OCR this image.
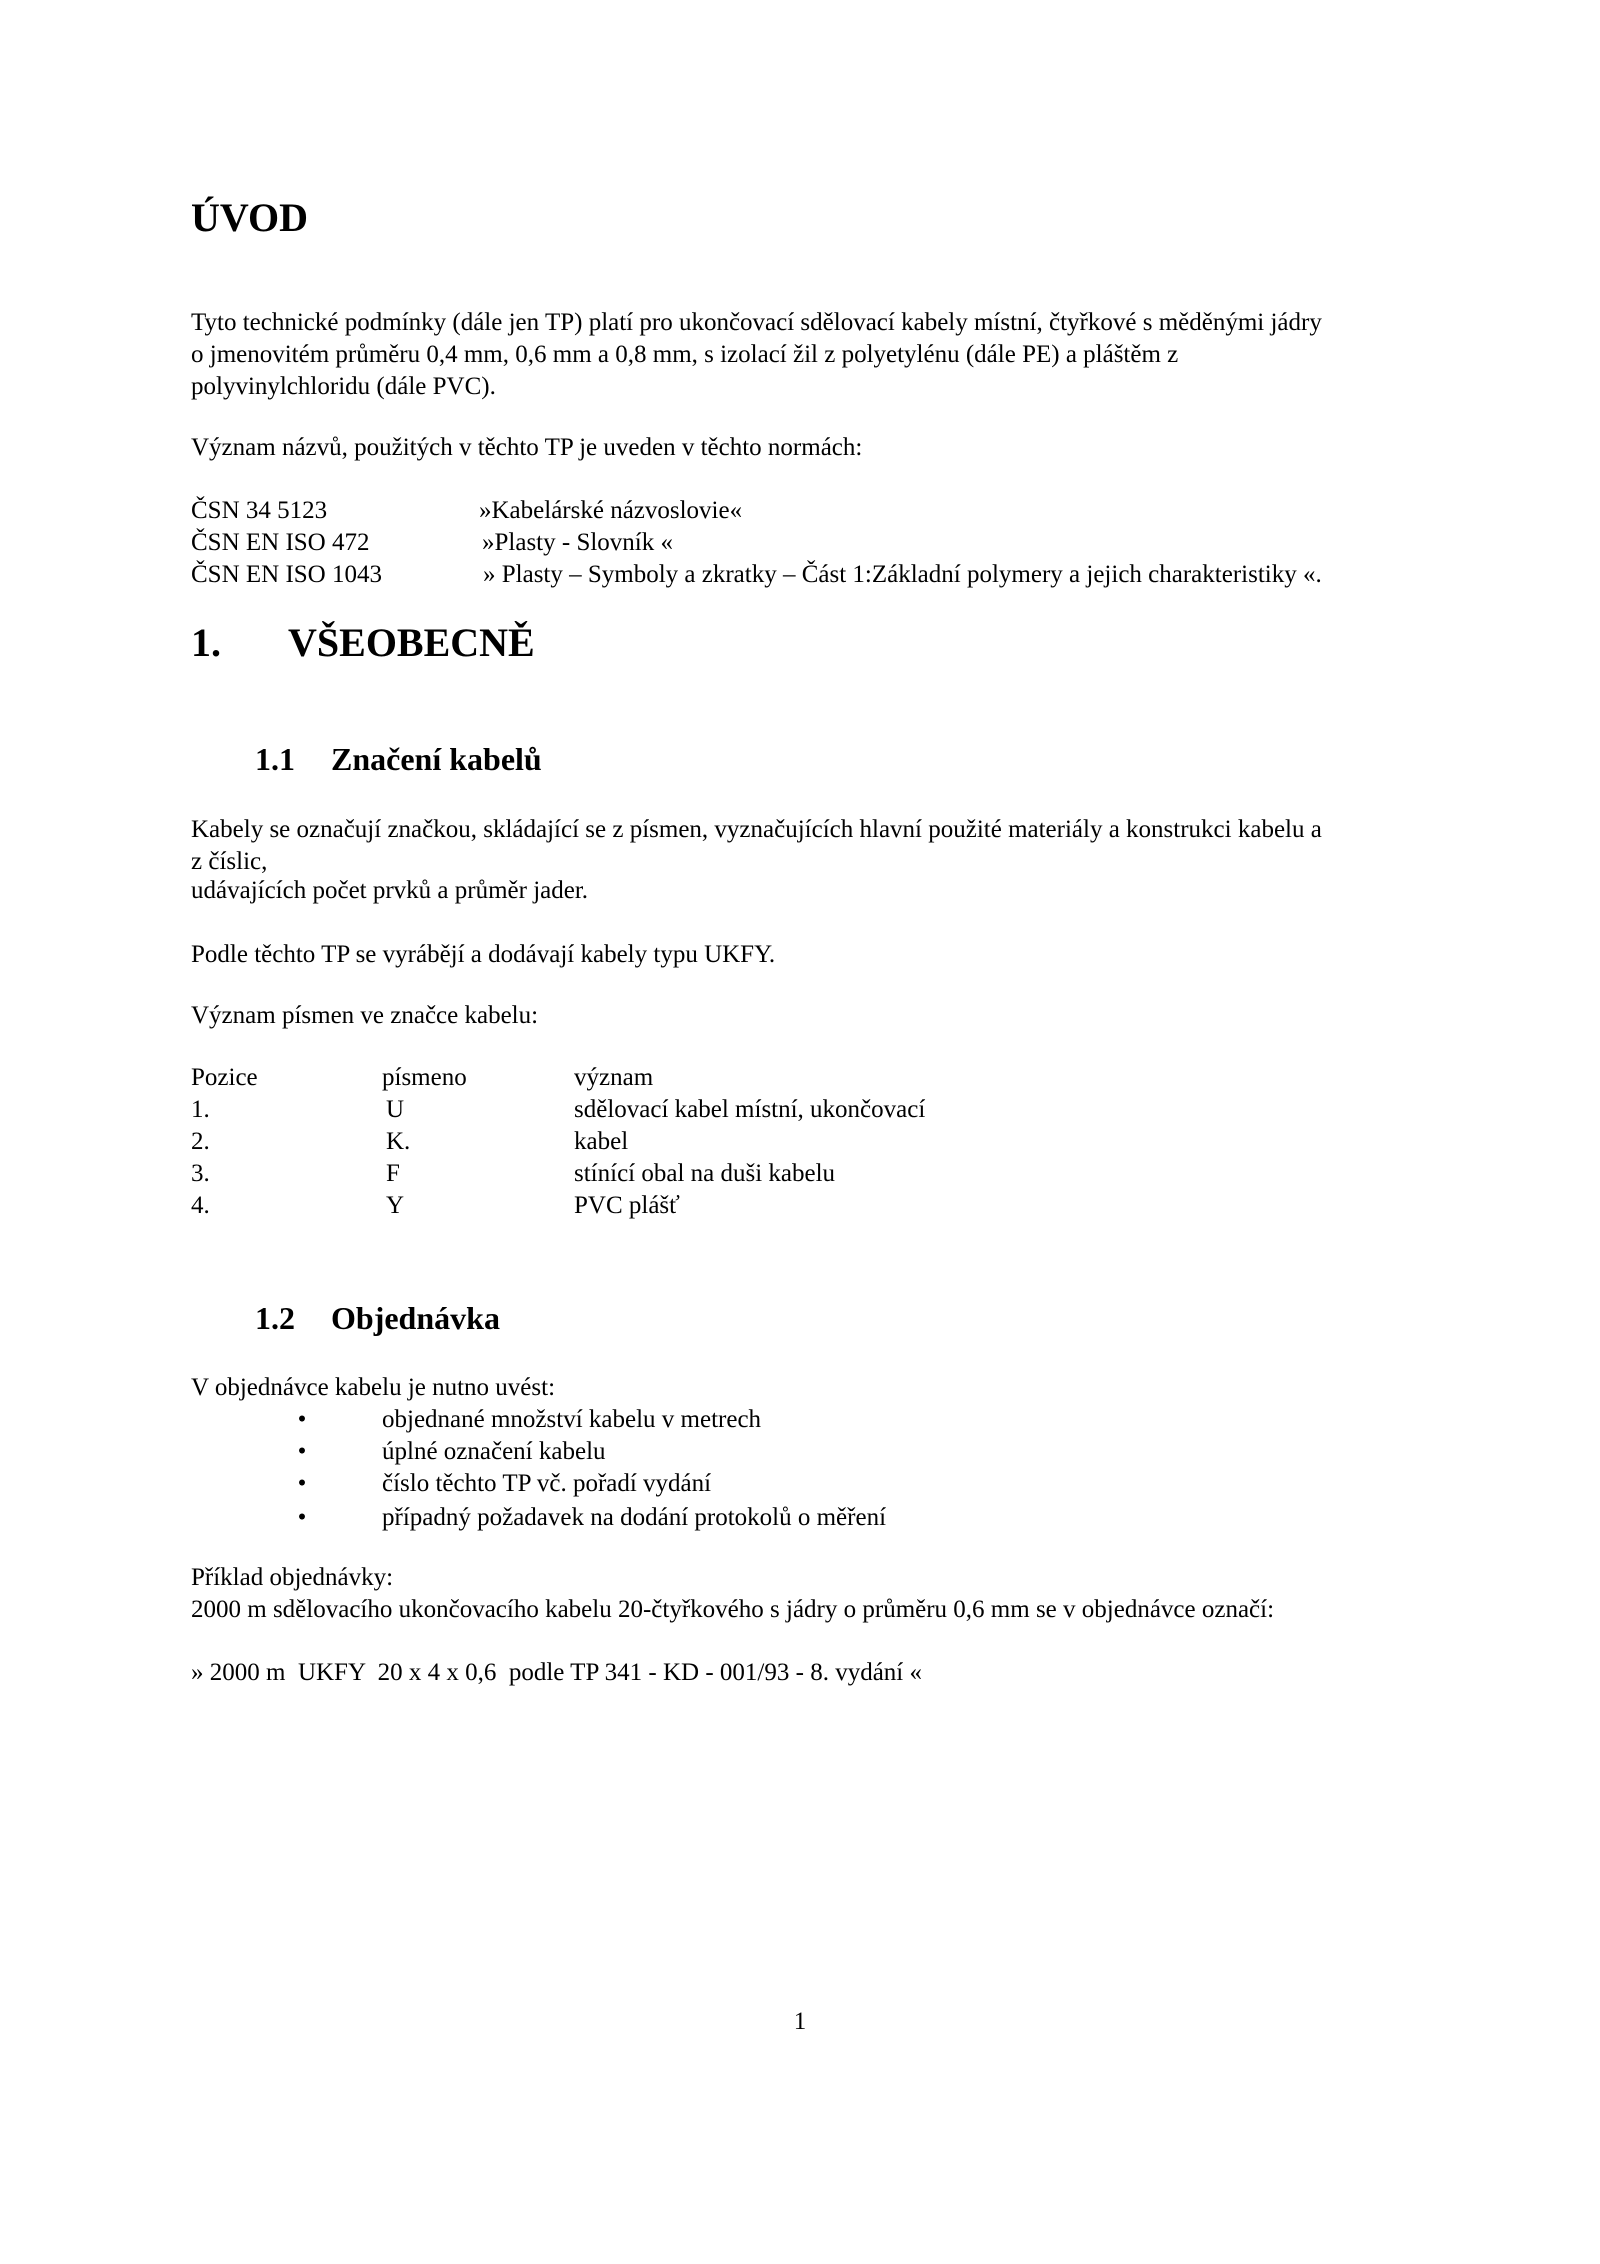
ÚVOD
Tyto technické podmínky (dále jen TP) platí pro ukončovací sdělovací kabely místní, čtyřkové s měděnými jádry
o jmenovitém průměru 0,4 mm, 0,6 mm a 0,8 mm, s izolací žil z polyetylénu (dále PE) a pláštěm z
polyvinylchloridu (dále PVC).
Význam názvů, použitých v těchto TP je uveden v těchto normách:
ČSN 34 5123	»Kabelárské názvoslovie«
ČSN EN ISO 472	»Plasty - Slovník «
ČSN EN ISO 1043	» Plasty – Symboly a zkratky – Část 1:Základní polymery a jejich charakteristiky «.
1. VŠEOBECNĚ
1.1 Značení kabelů
Kabely se označují značkou, skládající se z písmen, vyznačujících hlavní použité materiály a konstrukci kabelu a
z číslic,
udávajících počet prvků a průměr jader.
Podle těchto TP se vyrábějí a dodávají kabely typu UKFY.
Význam písmen ve značce kabelu:
Pozice	písmeno	význam
1.	U	sdělovací kabel místní, ukončovací
2.	K.	kabel
3.	F	stínící obal na duši kabelu
4.	Y	PVC plášť
1.2 Objednávka
V objednávce kabelu je nutno uvést:
•	objednané množství kabelu v metrech
•	úplné označení kabelu
•	číslo těchto TP vč. pořadí vydání
•	případný požadavek na dodání protokolů o měření
Příklad objednávky:
2000 m sdělovacího ukončovacího kabelu 20-čtyřkového s jádry o průměru 0,6 mm se v objednávce označí:
» 2000 m  UKFY  20 x 4 x 0,6  podle TP 341 - KD - 001/93 - 8. vydání «
1
